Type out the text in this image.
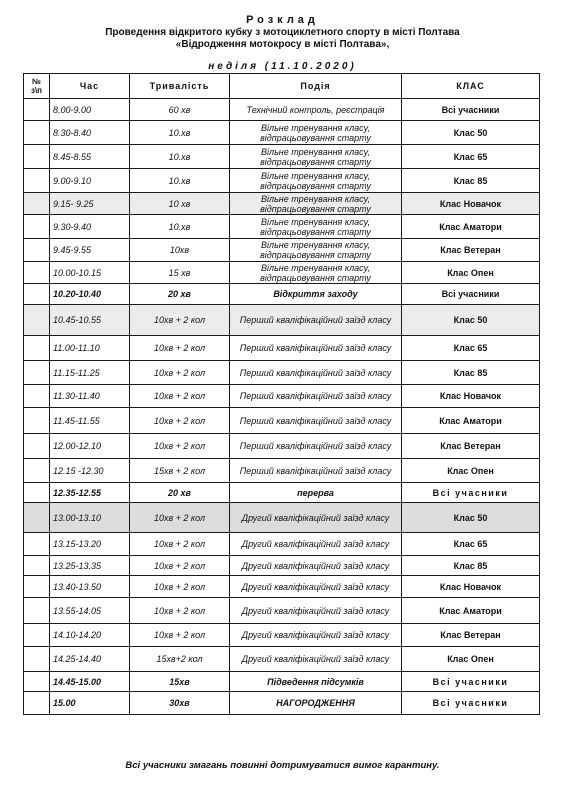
Розклад
Проведення відкритого кубку з мотоциклетного спорту в місті Полтава
«Відродження мотокросу в місті Полтава»,
неділя (11.10.2020)
№ з\п	Час	Тривалість	Подія	КЛАС
	8.00-9.00	60 хв	Технічний контроль, реєстрація	Всі учасники
	8.30-8.40	10.хв	Вільне тренування класу, відпрацьовування старту	Клас 50
	8.45-8.55	10.хв	Вільне тренування класу, відпрацьовування старту	Клас 65
	9.00-9.10	10.хв	Вільне тренування класу, відпрацьовування старту	Клас 85
	9.15- 9.25	10 хв	Вільне тренування класу, відпрацьовування старту	Клас Новачок
	9.30-9.40	10.хв	Вільне тренування класу, відпрацьовування старту	Клас Аматори
	9.45-9.55	10хв	Вільне тренування класу, відпрацьовування старту	Клас Ветеран
	10.00-10.15	15 хв	Вільне тренування класу, відпрацьовування старту	Клас Опен
	10.20-10.40	20 хв	Відкриття заходу	Всі учасники
	10.45-10.55	10хв + 2 кол	Перший кваліфікаційний заїзд класу	Клас 50
	11.00-11.10	10хв + 2 кол	Перший кваліфікаційний заїзд класу	Клас 65
	11.15-11.25	10хв + 2 кол	Перший кваліфікаційний заїзд класу	Клас 85
	11.30-11.40	10хв + 2 кол	Перший кваліфікаційний заїзд класу	Клас Новачок
	11.45-11.55	10хв + 2 кол	Перший кваліфікаційний заїзд класу	Клас Аматори
	12.00-12.10	10хв + 2 кол	Перший кваліфікаційний заїзд класу	Клас Ветеран
	12.15 -12.30	15хв + 2 кол	Перший кваліфікаційний заїзд класу	Клас Опен
	12.35-12.55	20 хв	перерва	Всі учасники
	13.00-13.10	10хв + 2 кол	Другий кваліфікаційний заїзд класу	Клас 50
	13.15-13.20	10хв + 2 кол	Другий кваліфікаційний заїзд класу	Клас 65
	13.25-13.35	10хв + 2 кол	Другий кваліфікаційний заїзд класу	Клас 85
	13.40-13.50	10хв + 2 кол	Другий кваліфікаційний заїзд класу	Клас Новачок
	13.55-14.05	10хв + 2 кол	Другий кваліфікаційний заїзд класу	Клас Аматори
	14.10-14.20	10хв + 2 кол	Другий кваліфікаційний заїзд класу	Клас Ветеран
	14.25-14.40	15хв+2 кол	Другий кваліфікаційний заїзд класу	Клас Опен
	14.45-15.00	15хв	Підведення підсумків	Всі учасники
	15.00	30хв	НАГОРОДЖЕННЯ	Всі учасники
Всі учасники змагань повинні дотримуватися вимог карантину.
